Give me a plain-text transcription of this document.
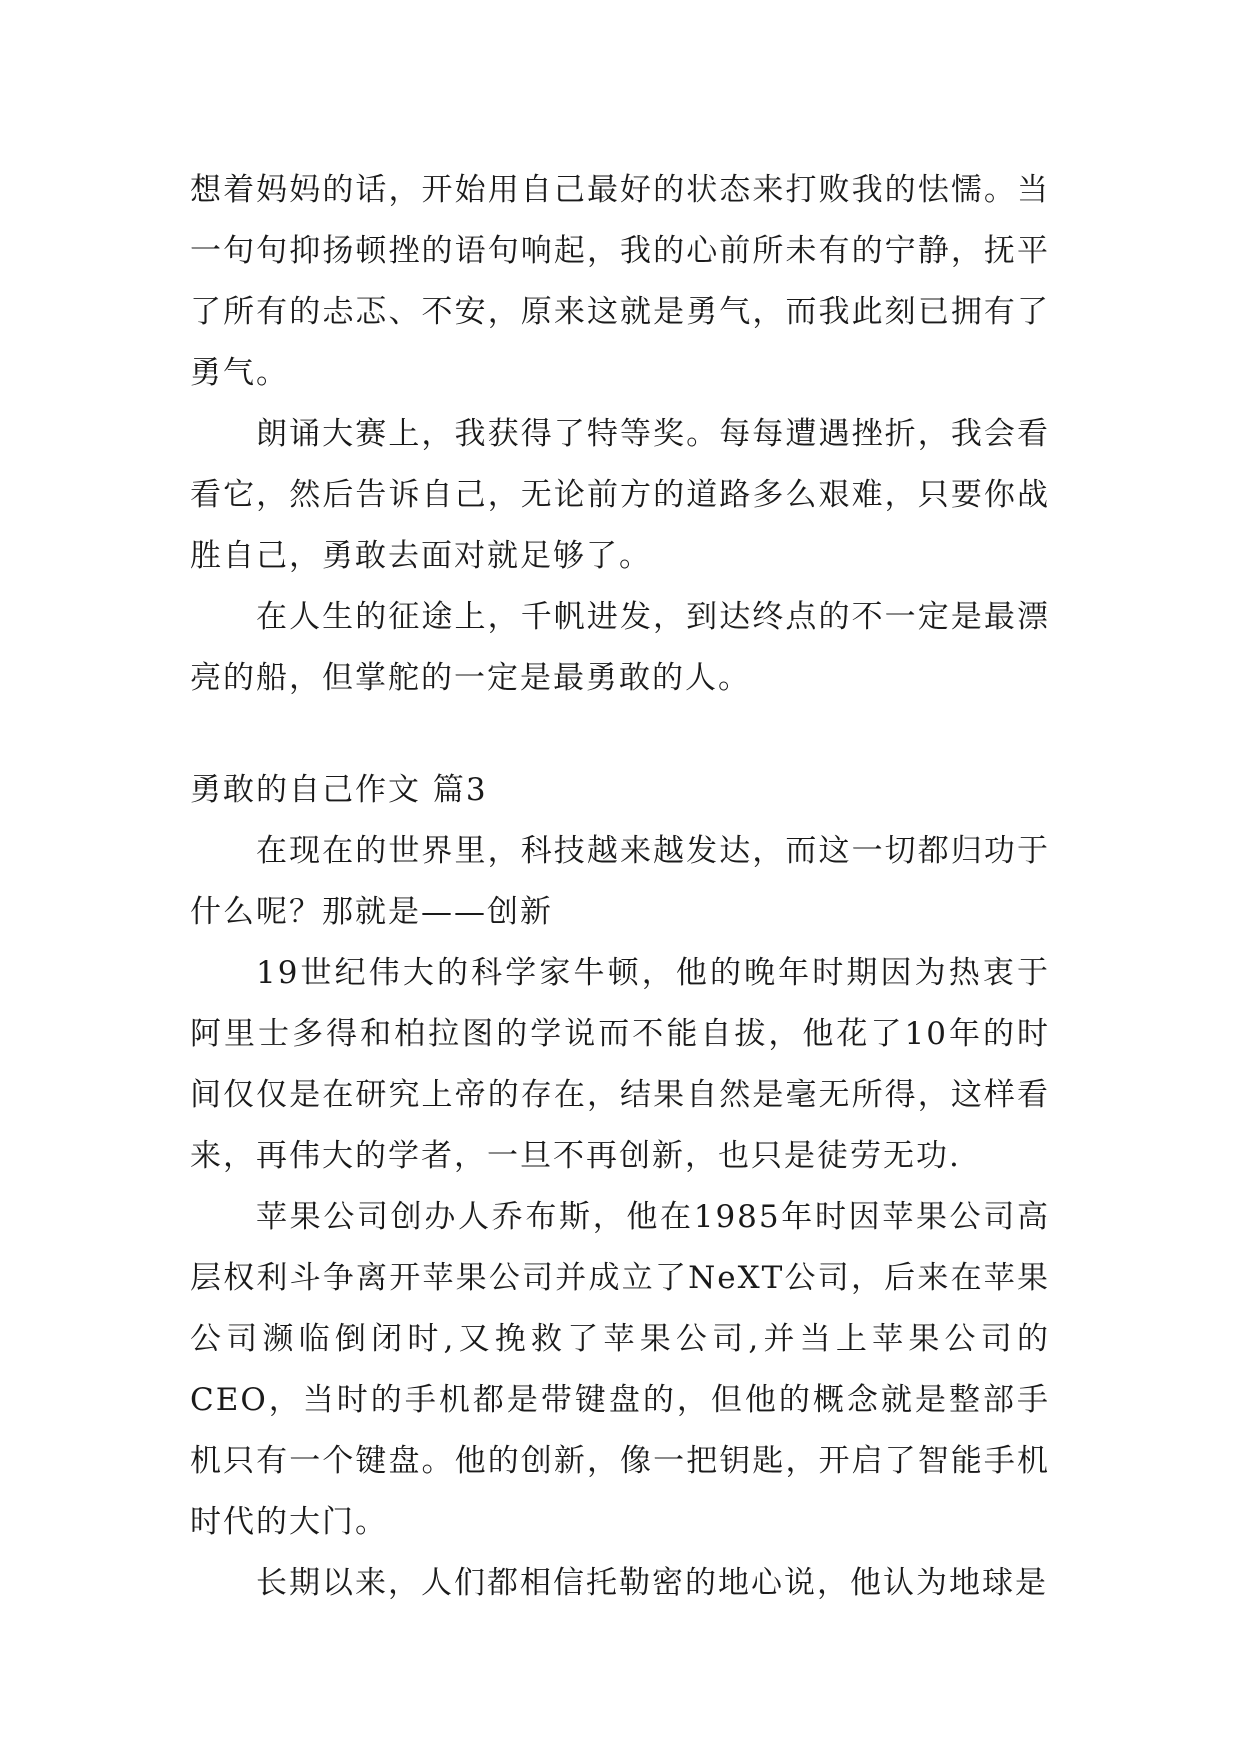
想着妈妈的话，开始用自己最好的状态来打败我的怯懦。当一句句抑扬顿挫的语句响起，我的心前所未有的宁静，抚平了所有的忐忑、不安，原来这就是勇气，而我此刻已拥有了勇气。

朗诵大赛上，我获得了特等奖。每每遭遇挫折，我会看看它，然后告诉自己，无论前方的道路多么艰难，只要你战胜自己，勇敢去面对就足够了。

在人生的征途上，千帆进发，到达终点的不一定是最漂亮的船，但掌舵的一定是最勇敢的人。

勇敢的自己作文 篇3

在现在的世界里，科技越来越发达，而这一切都归功于什么呢？那就是——创新

19世纪伟大的科学家牛顿，他的晚年时期因为热衷于阿里士多得和柏拉图的学说而不能自拔，他花了10年的时间仅仅是在研究上帝的存在，结果自然是毫无所得，这样看来，再伟大的学者，一旦不再创新，也只是徒劳无功.

苹果公司创办人乔布斯，他在1985年时因苹果公司高层权利斗争离开苹果公司并成立了NeXT公司，后来在苹果公司濒临倒闭时,又挽救了苹果公司,并当上苹果公司的CEO，当时的手机都是带键盘的，但他的概念就是整部手机只有一个键盘。他的创新，像一把钥匙，开启了智能手机时代的大门。

长期以来，人们都相信托勒密的地心说，他认为地球是
